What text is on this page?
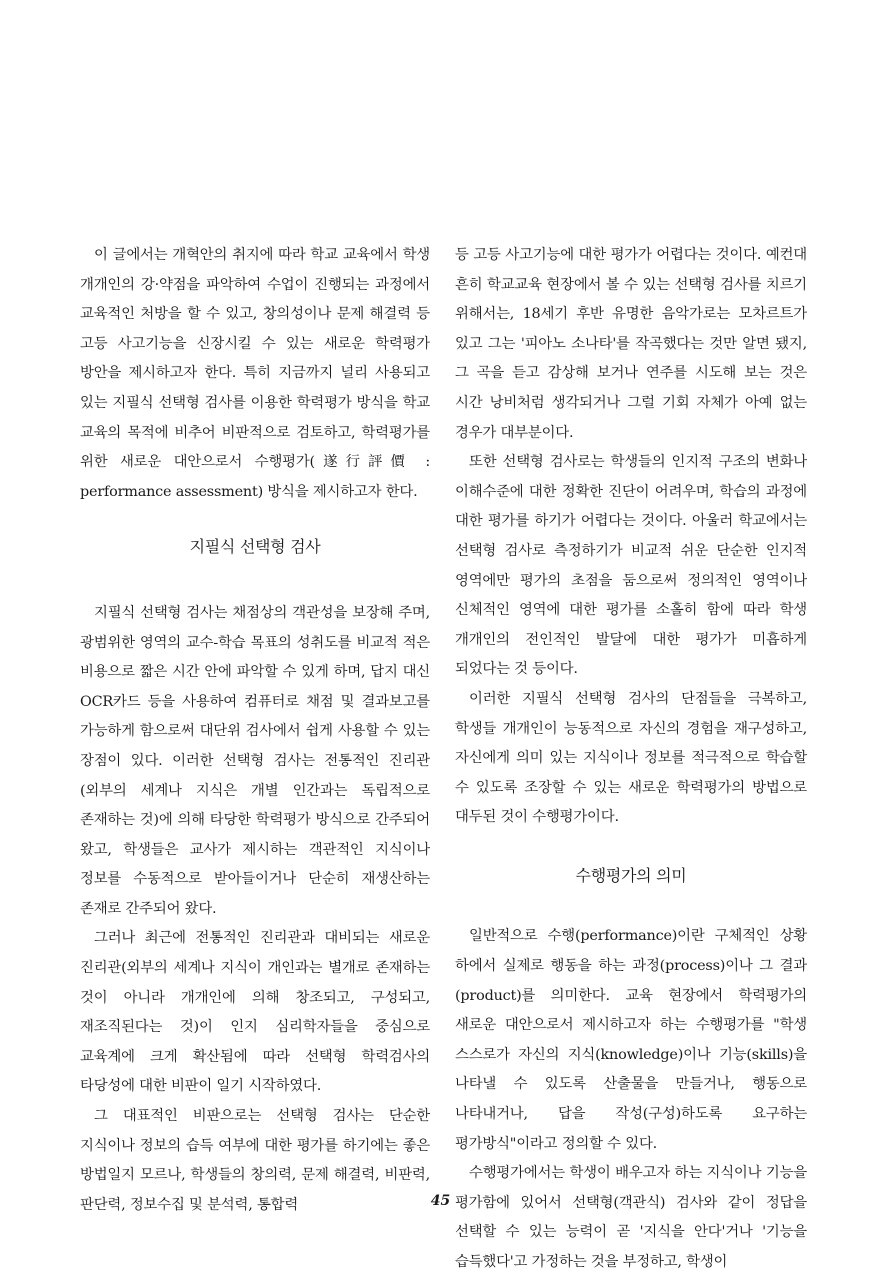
이 글에서는 개혁안의 취지에 따라 학교 교육에서 학생 개개인의 강·약점을 파악하여 수업이 진행되는 과정에서 교육적인 처방을 할 수 있고, 창의성이나 문제 해결력 등 고등 사고기능을 신장시킬 수 있는 새로운 학력평가 방안을 제시하고자 한다. 특히 지금까지 널리 사용되고 있는 지필식 선택형 검사를 이용한 학력평가 방식을 학교 교육의 목적에 비추어 비판적으로 검토하고, 학력평가를 위한 새로운 대안으로서 수행평가(遂行評價 : performance assessment) 방식을 제시하고자 한다.

지필식 선택형 검사

지필식 선택형 검사는 채점상의 객관성을 보장해 주며, 광범위한 영역의 교수-학습 목표의 성취도를 비교적 적은 비용으로 짧은 시간 안에 파악할 수 있게 하며, 답지 대신 OCR카드 등을 사용하여 컴퓨터로 채점 및 결과보고를 가능하게 함으로써 대단위 검사에서 쉽게 사용할 수 있는 장점이 있다. 이러한 선택형 검사는 전통적인 진리관(외부의 세계나 지식은 개별 인간과는 독립적으로 존재하는 것)에 의해 타당한 학력평가 방식으로 간주되어 왔고, 학생들은 교사가 제시하는 객관적인 지식이나 정보를 수동적으로 받아들이거나 단순히 재생산하는 존재로 간주되어 왔다.

그러나 최근에 전통적인 진리관과 대비되는 새로운 진리관(외부의 세계나 지식이 개인과는 별개로 존재하는 것이 아니라 개개인에 의해 창조되고, 구성되고, 재조직된다는 것)이 인지 심리학자들을 중심으로 교육계에 크게 확산됨에 따라 선택형 학력검사의 타당성에 대한 비판이 일기 시작하였다.

그 대표적인 비판으로는 선택형 검사는 단순한 지식이나 정보의 습득 여부에 대한 평가를 하기에는 좋은 방법일지 모르나, 학생들의 창의력, 문제 해결력, 비판력, 판단력, 정보수집 및 분석력, 통합력

등 고등 사고기능에 대한 평가가 어렵다는 것이다. 예컨대 흔히 학교교육 현장에서 볼 수 있는 선택형 검사를 치르기 위해서는, 18세기 후반 유명한 음악가로는 모차르트가 있고 그는 '피아노 소나타'를 작곡했다는 것만 알면 됐지, 그 곡을 듣고 감상해 보거나 연주를 시도해 보는 것은 시간 낭비처럼 생각되거나 그럴 기회 자체가 아예 없는 경우가 대부분이다.

또한 선택형 검사로는 학생들의 인지적 구조의 변화나 이해수준에 대한 정확한 진단이 어려우며, 학습의 과정에 대한 평가를 하기가 어렵다는 것이다. 아울러 학교에서는 선택형 검사로 측정하기가 비교적 쉬운 단순한 인지적 영역에만 평가의 초점을 둠으로써 정의적인 영역이나 신체적인 영역에 대한 평가를 소홀히 함에 따라 학생 개개인의 전인적인 발달에 대한 평가가 미흡하게 되었다는 것 등이다.

이러한 지필식 선택형 검사의 단점들을 극복하고, 학생들 개개인이 능동적으로 자신의 경험을 재구성하고, 자신에게 의미 있는 지식이나 정보를 적극적으로 학습할 수 있도록 조장할 수 있는 새로운 학력평가의 방법으로 대두된 것이 수행평가이다.

수행평가의 의미

일반적으로 수행(performance)이란 구체적인 상황 하에서 실제로 행동을 하는 과정(process)이나 그 결과(product)를 의미한다. 교육 현장에서 학력평가의 새로운 대안으로서 제시하고자 하는 수행평가를 "학생 스스로가 자신의 지식(knowledge)이나 기능(skills)을 나타낼 수 있도록 산출물을 만들거나, 행동으로 나타내거나, 답을 작성(구성)하도록 요구하는 평가방식"이라고 정의할 수 있다.

수행평가에서는 학생이 배우고자 하는 지식이나 기능을 평가함에 있어서 선택형(객관식) 검사와 같이 정답을 선택할 수 있는 능력이 곧 '지식을 안다'거나 '기능을 습득했다'고 가정하는 것을 부정하고, 학생이

45
